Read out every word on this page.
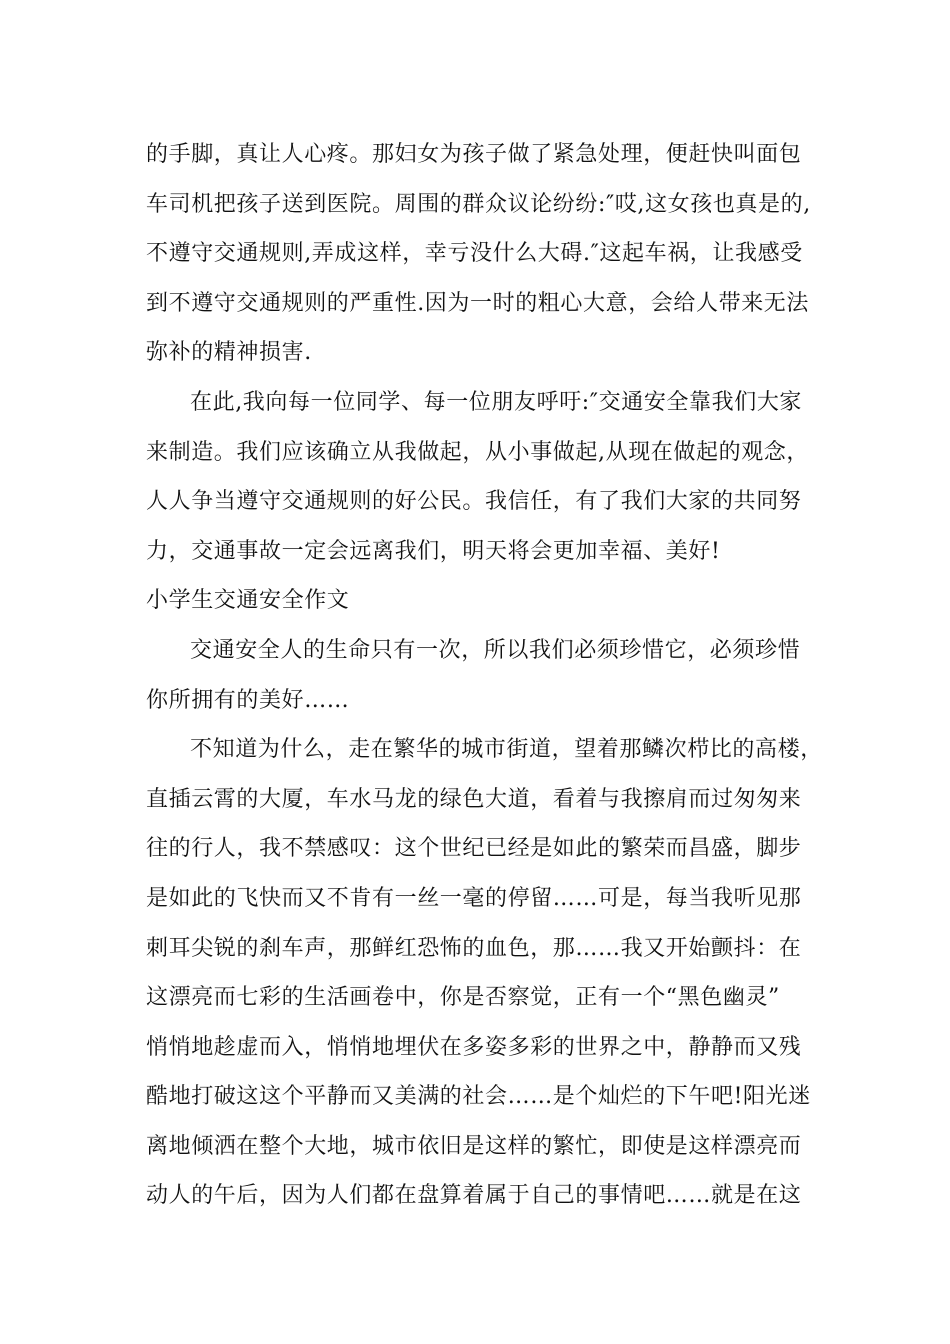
的手脚，真让人心疼。那妇女为孩子做了紧急处理，便赶快叫面包
车司机把孩子送到医院。周围的群众议论纷纷:″哎,这女孩也真是的,
不遵守交通规则,弄成这样，幸亏没什么大碍.″这起车祸，让我感受
到不遵守交通规则的严重性.因为一时的粗心大意，会给人带来无法
弥补的精神损害.
在此,我向每一位同学、每一位朋友呼吁:″交通安全靠我们大家
来制造。我们应该确立从我做起，从小事做起,从现在做起的观念，
人人争当遵守交通规则的好公民。我信任，有了我们大家的共同努
力，交通事故一定会远离我们，明天将会更加幸福、美好!
小学生交通安全作文
交通安全人的生命只有一次，所以我们必须珍惜它，必须珍惜
你所拥有的美好……
不知道为什么，走在繁华的城市街道，望着那鳞次栉比的高楼，
直插云霄的大厦，车水马龙的绿色大道，看着与我擦肩而过匆匆来
往的行人，我不禁感叹：这个世纪已经是如此的繁荣而昌盛，脚步
是如此的飞快而又不肯有一丝一毫的停留……可是，每当我听见那
刺耳尖锐的刹车声，那鲜红恐怖的血色，那……我又开始颤抖：在
这漂亮而七彩的生活画卷中，你是否察觉，正有一个“黑色幽灵”
悄悄地趁虚而入，悄悄地埋伏在多姿多彩的世界之中，静静而又残
酷地打破这这个平静而又美满的社会……是个灿烂的下午吧!阳光迷
离地倾洒在整个大地，城市依旧是这样的繁忙，即使是这样漂亮而
动人的午后，因为人们都在盘算着属于自己的事情吧……就是在这
